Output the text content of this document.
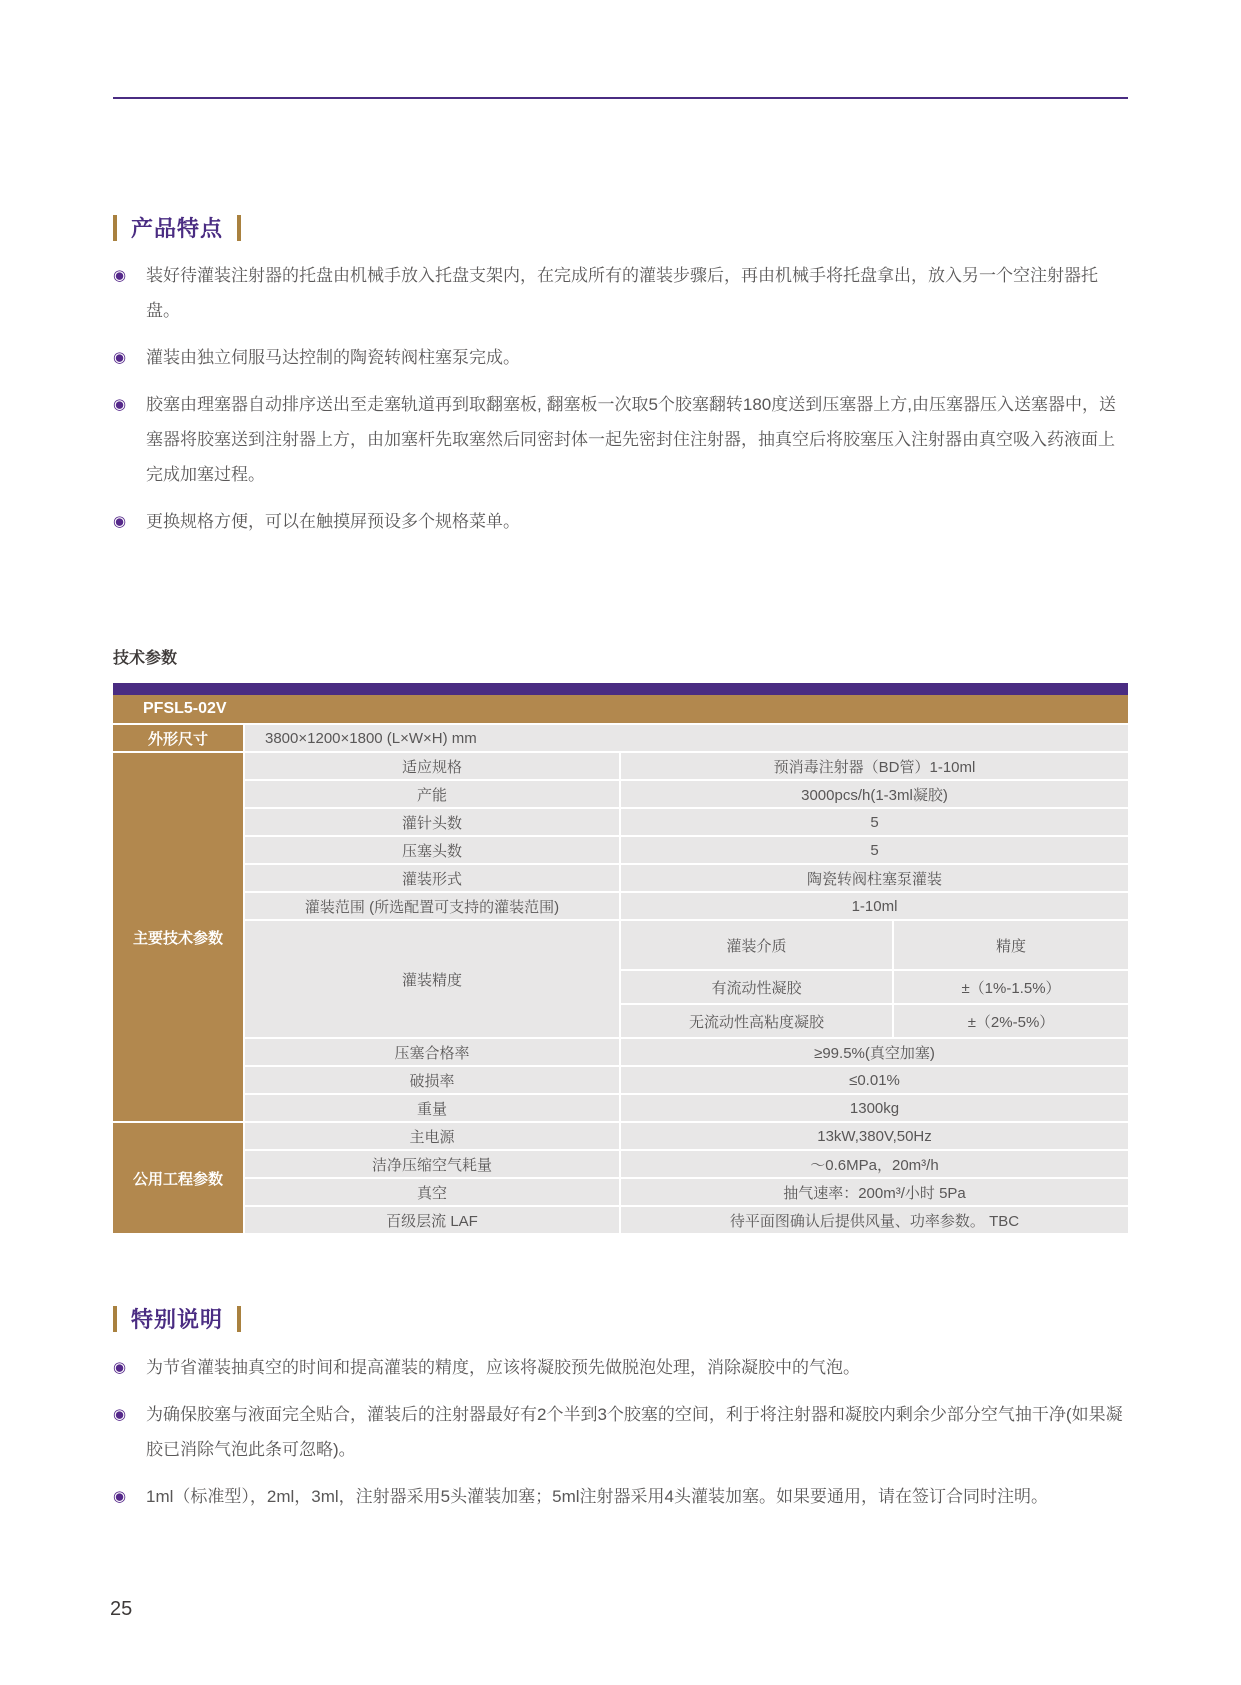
产品特点
◉	装好待灌装注射器的托盘由机械手放入托盘支架内，在完成所有的灌装步骤后，再由机械手将托盘拿出，放入另一个空注射器托盘。
◉	灌装由独立伺服马达控制的陶瓷转阀柱塞泵完成。
◉	胶塞由理塞器自动排序送出至走塞轨道再到取翻塞板, 翻塞板一次取5个胶塞翻转180度送到压塞器上方,由压塞器压入送塞器中，送塞器将胶塞送到注射器上方，由加塞杆先取塞然后同密封体一起先密封住注射器，抽真空后将胶塞压入注射器由真空吸入药液面上完成加塞过程。
◉	更换规格方便，可以在触摸屏预设多个规格菜单。
技术参数
PFSL5-02V
外形尺寸	3800×1200×1800 (L×W×H) mm
主要技术参数
适应规格	预消毒注射器（BD管）1-10ml
产能	3000pcs/h(1-3ml凝胶)
灌针头数	5
压塞头数	5
灌装形式	陶瓷转阀柱塞泵灌装
灌装范围 (所选配置可支持的灌装范围)	1-10ml
灌装精度
灌装介质	精度
有流动性凝胶	±（1%-1.5%）
无流动性高粘度凝胶	±（2%-5%）
压塞合格率	≥99.5%(真空加塞)
破损率	≤0.01%
重量	1300kg
公用工程参数
主电源	13kW,380V,50Hz
洁净压缩空气耗量	～0.6MPa，20m³/h
真空	抽气速率：200m³/小时 5Pa
百级层流 LAF	待平面图确认后提供风量、功率参数。 TBC
特别说明
◉	为节省灌装抽真空的时间和提高灌装的精度，应该将凝胶预先做脱泡处理，消除凝胶中的气泡。
◉	为确保胶塞与液面完全贴合，灌装后的注射器最好有2个半到3个胶塞的空间，利于将注射器和凝胶内剩余少部分空气抽干净(如果凝胶已消除气泡此条可忽略)。
◉	1ml（标准型），2ml，3ml，注射器采用5头灌装加塞；5ml注射器采用4头灌装加塞。如果要通用，请在签订合同时注明。
25
